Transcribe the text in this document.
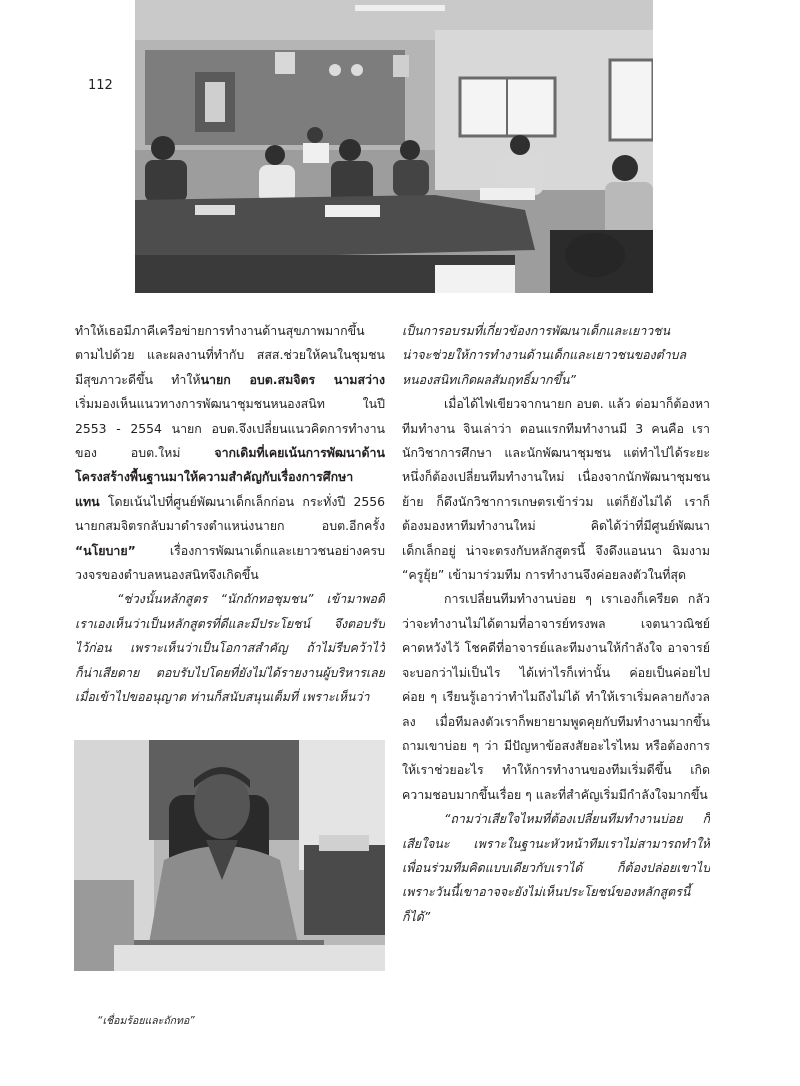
112
ทำให้เธอมีภาคีเครือข่ายการทำงานด้านสุขภาพมากขึ้น
ตามไปด้วย และผลงานที่ทำกับ สสส.ช่วยให้คนในชุมชน
มีสุขภาวะดีขึ้น ทำให้นายก อบต.สมจิตร นามสว่าง
เริ่มมองเห็นแนวทางการพัฒนาชุมชนหนองสนิท ในปี
2553 - 2554 นายก อบต.จึงเปลี่ยนแนวคิดการทำงาน
ของ อบต.ใหม่ จากเดิมที่เคยเน้นการพัฒนาด้าน
โครงสร้างพื้นฐานมาให้ความสำคัญกับเรื่องการศึกษา
แทน โดยเน้นไปที่ศูนย์พัฒนาเด็กเล็กก่อน กระทั่งปี 2556
นายกสมจิตรกลับมาดำรงตำแหน่งนายก อบต.อีกครั้ง
“นโยบาย” เรื่องการพัฒนาเด็กและเยาวชนอย่างครบ
วงจรของตำบลหนองสนิทจึงเกิดขึ้น
“ช่วงนั้นหลักสูตร “นักถักทอชุมชน” เข้ามาพอดี
เราเองเห็นว่าเป็นหลักสูตรที่ดีและมีประโยชน์ จึงตอบรับ
ไว้ก่อน เพราะเห็นว่าเป็นโอกาสสำคัญ ถ้าไม่รีบคว้าไว้
ก็น่าเสียดาย ตอบรับไปโดยที่ยังไม่ได้รายงานผู้บริหารเลย
เมื่อเข้าไปขออนุญาต ท่านก็สนับสนุนเต็มที่ เพราะเห็นว่า
เป็นการอบรมที่เกี่ยวข้องการพัฒนาเด็กและเยาวชน
น่าจะช่วยให้การทำงานด้านเด็กและเยาวชนของตำบล
หนองสนิทเกิดผลสัมฤทธิ์มากขึ้น”
เมื่อได้ไฟเขียวจากนายก อบต. แล้ว ต่อมาก็ต้องหา
ทีมทำงาน จินเล่าว่า ตอนแรกทีมทำงานมี 3 คนคือ เรา
นักวิชาการศึกษา และนักพัฒนาชุมชน แต่ทำไปได้ระยะ
หนึ่งก็ต้องเปลี่ยนทีมทำงานใหม่ เนื่องจากนักพัฒนาชุมชน
ย้าย ก็ดึงนักวิชาการเกษตรเข้าร่วม แต่ก็ยังไม่ได้ เราก็
ต้องมองหาทีมทำงานใหม่ คิดได้ว่าที่มีศูนย์พัฒนา
เด็กเล็กอยู่ น่าจะตรงกับหลักสูตรนี้ จึงดึงแอนนา ฉิมงาม
“ครูยุ้ย” เข้ามาร่วมทีม การทำงานจึงค่อยลงตัวในที่สุด
การเปลี่ยนทีมทำงานบ่อย ๆ เราเองก็เครียด กลัว
ว่าจะทำงานไม่ได้ตามที่อาจารย์ทรงพล เจตนาวณิชย์
คาดหวังไว้ โชคดีที่อาจารย์และทีมงานให้กำลังใจ อาจารย์
จะบอกว่าไม่เป็นไร ได้เท่าไรก็เท่านั้น ค่อยเป็นค่อยไป
ค่อย ๆ เรียนรู้เอาว่าทำไมถึงไม่ได้ ทำให้เราเริ่มคลายกังวล
ลง เมื่อทีมลงตัวเราก็พยายามพูดคุยกับทีมทำงานมากขึ้น
ถามเขาบ่อย ๆ ว่า มีปัญหาข้อสงสัยอะไรไหม หรือต้องการ
ให้เราช่วยอะไร ทำให้การทำงานของทีมเริ่มดีขึ้น เกิด
ความชอบมากขึ้นเรื่อย ๆ และที่สำคัญเริ่มมีกำลังใจมากขึ้น
“ถามว่าเสียใจไหมที่ต้องเปลี่ยนทีมทำงานบ่อย ก็
เสียใจนะ เพราะในฐานะหัวหน้าทีมเราไม่สามารถทำให้
เพื่อนร่วมทีมคิดแบบเดียวกับเราได้ ก็ต้องปล่อยเขาไป
เพราะวันนี้เขาอาจจะยังไม่เห็นประโยชน์ของหลักสูตรนี้
ก็ได้”
“เชื่อมร้อยและถักทอ”
